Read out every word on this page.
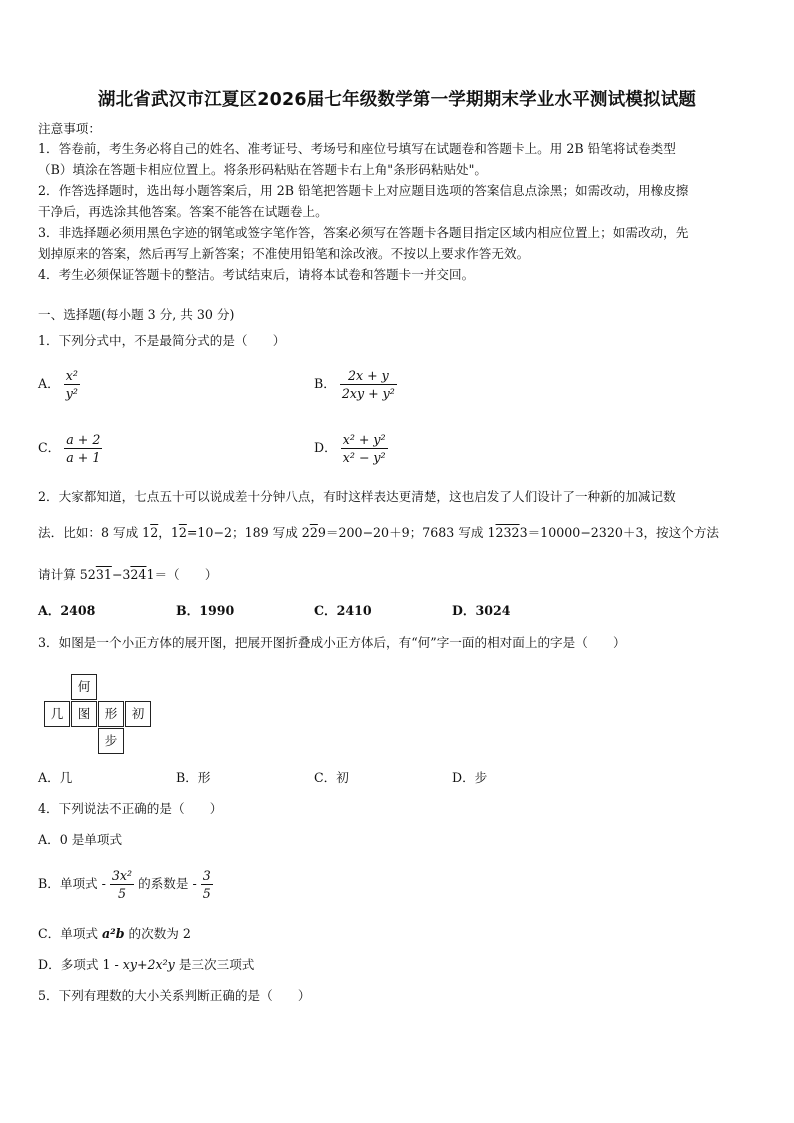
湖北省武汉市江夏区2026届七年级数学第一学期期末学业水平测试模拟试题
注意事项：
1．答卷前，考生务必将自己的姓名、准考证号、考场号和座位号填写在试题卷和答题卡上。用 2B 铅笔将试卷类型
（B）填涂在答题卡相应位置上。将条形码粘贴在答题卡右上角"条形码粘贴处"。
2．作答选择题时，选出每小题答案后，用 2B 铅笔把答题卡上对应题目选项的答案信息点涂黑；如需改动，用橡皮擦
干净后，再选涂其他答案。答案不能答在试题卷上。
3．非选择题必须用黑色字迹的钢笔或签字笔作答，答案必须写在答题卡各题目指定区域内相应位置上；如需改动，先
划掉原来的答案，然后再写上新答案；不准使用铅笔和涂改液。不按以上要求作答无效。
4．考生必须保证答题卡的整洁。考试结束后，请将本试卷和答题卡一并交回。
一、选择题(每小题 3 分, 共 30 分)
1．下列分式中，不是最简分式的是（　　）
A． $\frac{\text{x²}}{\text{y²}}$	B． $\frac{2x + y}{\text{2xy + y²}}$
C． $\frac{a + 2}{a + 1}$	D． $\frac{\text{x² + y²}}{\text{x² − y²}}$
2．大家都知道，七点五十可以说成差十分钟八点，有时这样表达更清楚，这也启发了人们设计了一种新的加减记数
法．比如：8 写成 12，12=10−2；189 写成 229＝200−20＋9；7683 写成 12323＝10000−2320＋3，按这个方法
请计算 5231−3241＝（　　）
A．2408	B．1990	C．2410	D．3024
3．如图是一个小正方体的展开图，把展开图折叠成小正方体后，有“何”字一面的相对面上的字是（　　）
何
几	图	形	初
步
A．几	B．形	C．初	D．步
4．下列说法不正确的是（　　）
A．0 是单项式
B．单项式 - $\frac{\text{3x²}}{5}$ 的系数是 - $\frac{3}{5}$
C．单项式 a²b 的次数为 2
D．多项式 1 - xy+2x²y 是三次三项式
5．下列有理数的大小关系判断正确的是（　　）
